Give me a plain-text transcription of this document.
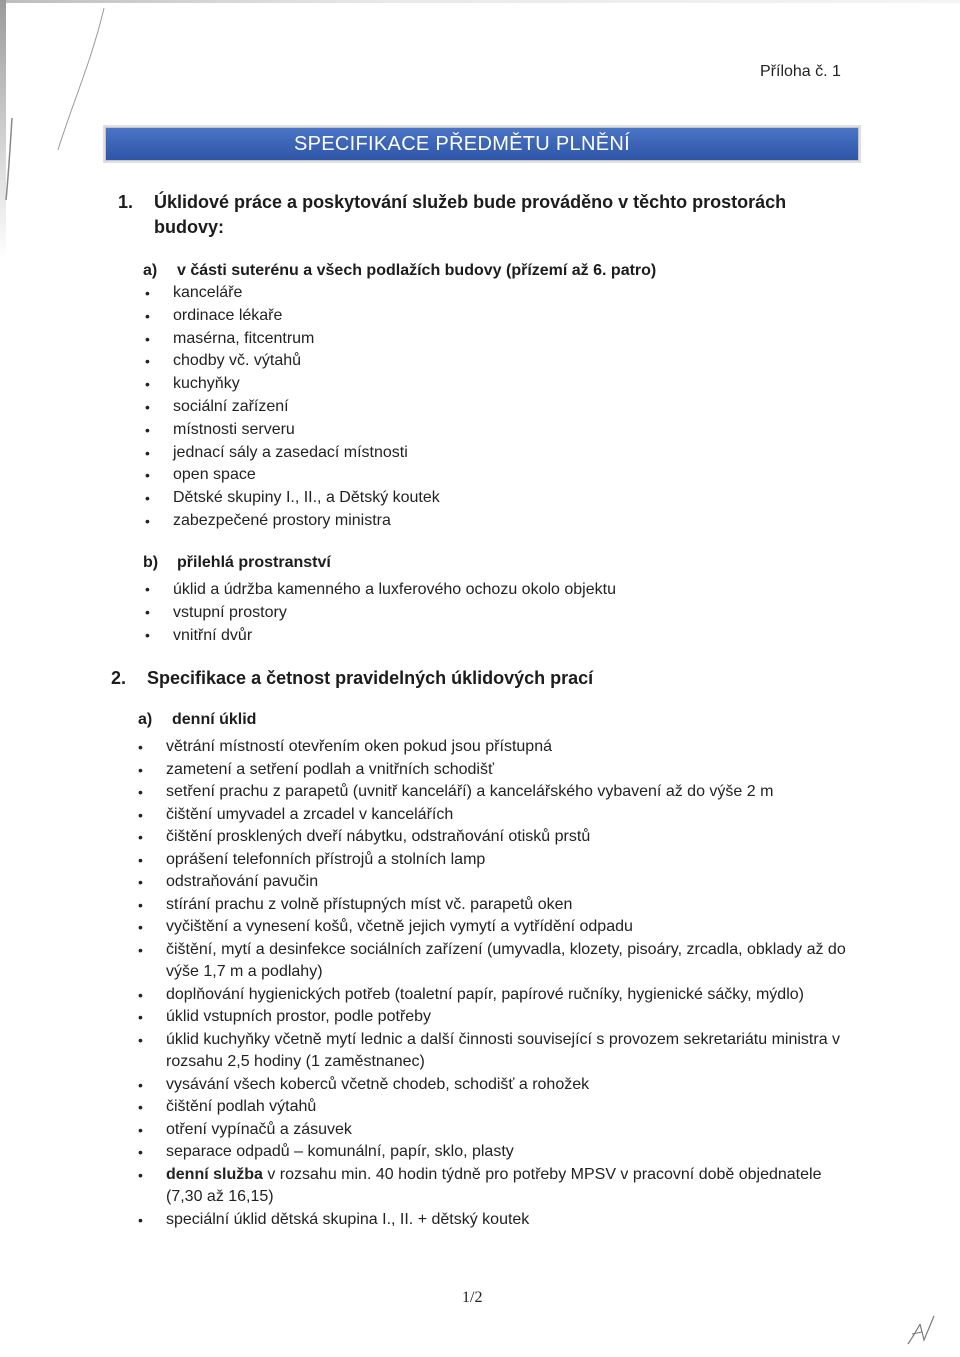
Příloha č. 1
SPECIFIKACE PŘEDMĚTU PLNĚNÍ
1.	Úklidové práce a poskytování služeb bude prováděno v těchto prostorách budovy:
a) v části suterénu a všech podlažích budovy (přízemí až 6. patro)
• kanceláře
• ordinace lékaře
• masérna, fitcentrum
• chodby vč. výtahů
• kuchyňky
• sociální zařízení
• místnosti serveru
• jednací sály a zasedací místnosti
• open space
• Dětské skupiny I., II., a Dětský koutek
• zabezpečené prostory ministra
b) přilehlá prostranství
• úklid a údržba kamenného a luxferového ochozu okolo objektu
• vstupní prostory
• vnitřní dvůr
2.	Specifikace a četnost pravidelných úklidových prací
a) denní úklid
• větrání místností otevřením oken pokud jsou přístupná
• zametení a setření podlah a vnitřních schodišť
• setření prachu z parapetů (uvnitř kanceláří) a kancelářského vybavení až do výše 2 m
• čištění umyvadel a zrcadel v kancelářích
• čištění prosklených dveří nábytku, odstraňování otisků prstů
• oprášení telefonních přístrojů a stolních lamp
• odstraňování pavučin
• stírání prachu z volně přístupných míst vč. parapetů oken
• vyčištění a vynesení košů, včetně jejich vymytí a vytřídění odpadu
• čištění, mytí a desinfekce sociálních zařízení (umyvadla, klozety, pisoáry, zrcadla, obklady až do výše 1,7 m a podlahy)
• doplňování hygienických potřeb (toaletní papír, papírové ručníky, hygienické sáčky, mýdlo)
• úklid vstupních prostor, podle potřeby
• úklid kuchyňky včetně mytí lednic a další činnosti související s provozem sekretariátu ministra v rozsahu 2,5 hodiny (1 zaměstnanec)
• vysávání všech koberců včetně chodeb, schodišť a rohožek
• čištění podlah výtahů
• otření vypínačů a zásuvek
• separace odpadů – komunální, papír, sklo, plasty
• denní služba v rozsahu min. 40 hodin týdně pro potřeby MPSV v pracovní době objednatele (7,30 až 16,15)
• speciální úklid dětská skupina I., II. + dětský koutek
1/2
